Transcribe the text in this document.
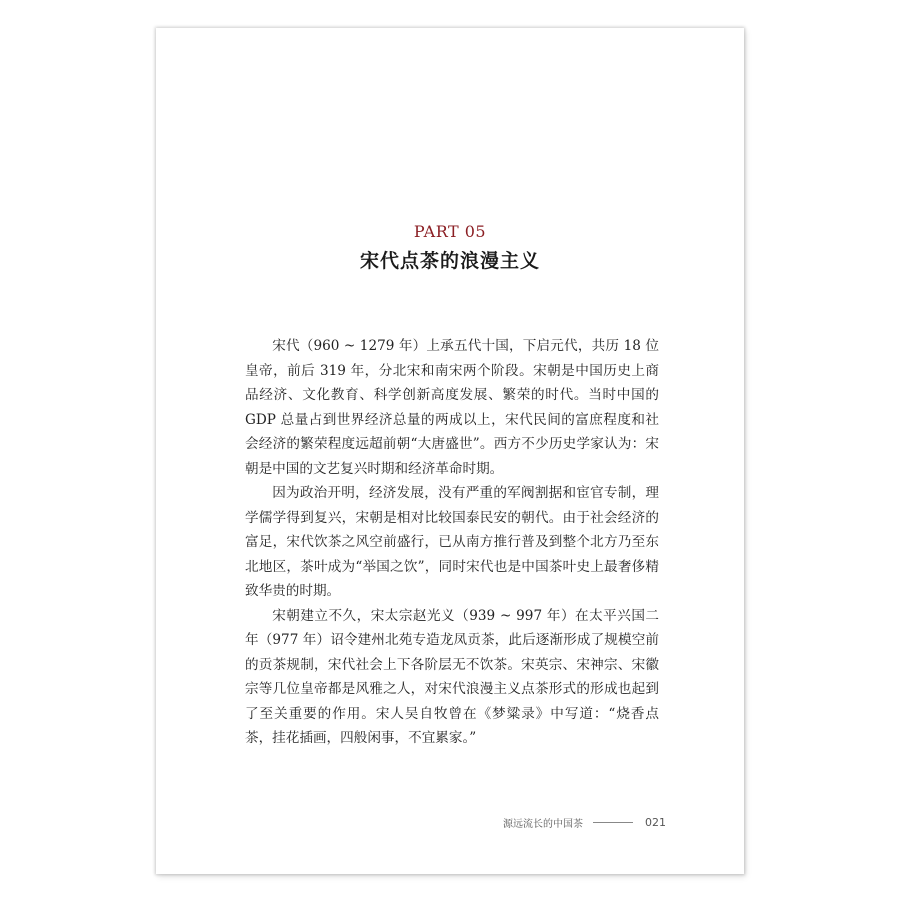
PART 05
宋代点茶的浪漫主义

宋代（960 ~ 1279 年）上承五代十国，下启元代，共历 18 位皇帝，前后 319 年，分北宋和南宋两个阶段。宋朝是中国历史上商品经济、文化教育、科学创新高度发展、繁荣的时代。当时中国的 GDP 总量占到世界经济总量的两成以上，宋代民间的富庶程度和社会经济的繁荣程度远超前朝“大唐盛世”。西方不少历史学家认为：宋朝是中国的文艺复兴时期和经济革命时期。

因为政治开明，经济发展，没有严重的军阀割据和宦官专制，理学儒学得到复兴，宋朝是相对比较国泰民安的朝代。由于社会经济的富足，宋代饮茶之风空前盛行，已从南方推行普及到整个北方乃至东北地区，茶叶成为“举国之饮”，同时宋代也是中国茶叶史上最奢侈精致华贵的时期。

宋朝建立不久，宋太宗赵光义（939 ~ 997 年）在太平兴国二年（977 年）诏令建州北苑专造龙凤贡茶，此后逐渐形成了规模空前的贡茶规制，宋代社会上下各阶层无不饮茶。宋英宗、宋神宗、宋徽宗等几位皇帝都是风雅之人，对宋代浪漫主义点茶形式的形成也起到了至关重要的作用。宋人吴自牧曾在《梦粱录》中写道：“烧香点茶，挂花插画，四般闲事，不宜累家。”

源远流长的中国茶	021
